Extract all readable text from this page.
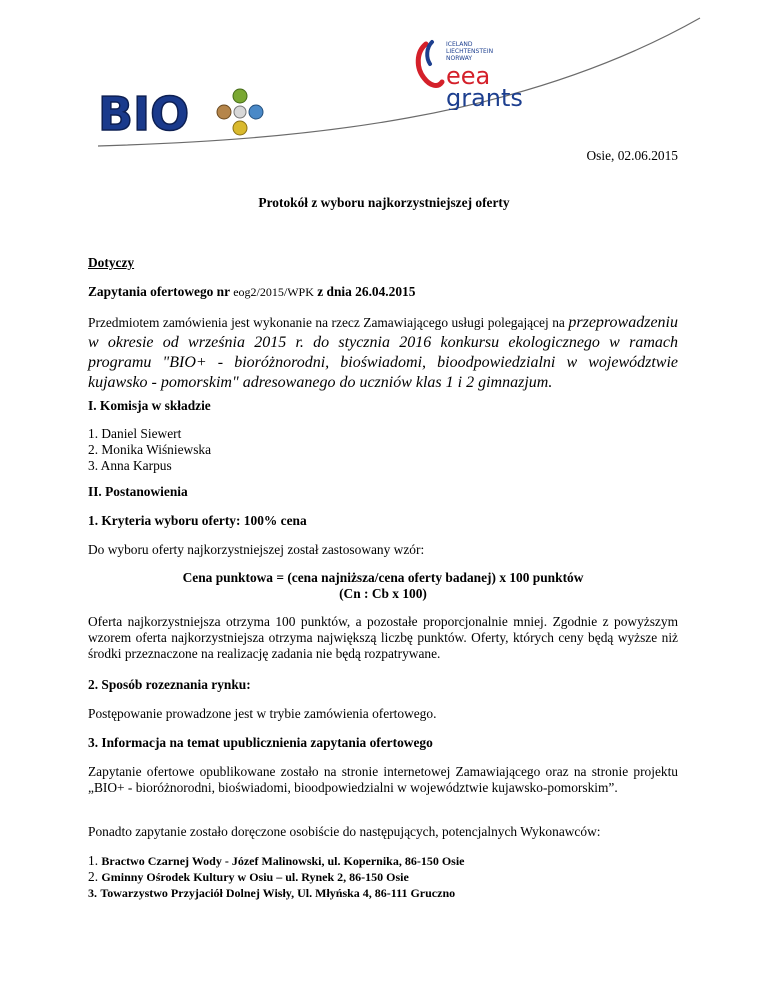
BIO
ICELAND
LIECHTENSTEIN
NORWAY
eea
grants
Osie, 02.06.2015
Protokół z wyboru najkorzystniejszej oferty
Dotyczy
Zapytania ofertowego nr eog2/2015/WPK z dnia 26.04.2015
Przedmiotem zamówienia jest wykonanie na rzecz Zamawiającego usługi polegającej na przeprowadzeniu w okresie od września 2015 r. do stycznia 2016 konkursu ekologicznego w ramach programu "BIO+ - bioróżnorodni, bioświadomi, bioodpowiedzialni w województwie kujawsko - pomorskim" adresowanego do uczniów klas 1 i 2 gimnazjum.
I. Komisja w składzie
1. Daniel Siewert
2. Monika Wiśniewska
3. Anna Karpus
II. Postanowienia
1. Kryteria wyboru oferty: 100% cena
Do wyboru oferty najkorzystniejszej został zastosowany wzór:
Cena punktowa = (cena najniższa/cena oferty badanej) x 100 punktów
(Cn : Cb x 100)
Oferta najkorzystniejsza otrzyma 100 punktów, a pozostałe proporcjonalnie mniej. Zgodnie z powyższym wzorem oferta najkorzystniejsza otrzyma największą liczbę punktów. Oferty, których ceny będą wyższe niż środki przeznaczone na realizację zadania nie będą rozpatrywane.
2. Sposób rozeznania rynku:
Postępowanie prowadzone jest w trybie zamówienia ofertowego.
3. Informacja na temat upublicznienia zapytania ofertowego
Zapytanie ofertowe opublikowane zostało na stronie internetowej Zamawiającego oraz na stronie projektu „BIO+ - bioróżnorodni, bioświadomi, bioodpowiedzialni w województwie kujawsko-pomorskim”.
Ponadto zapytanie zostało doręczone osobiście do następujących, potencjalnych Wykonawców:
1. Bractwo Czarnej Wody - Józef Malinowski, ul. Kopernika, 86-150 Osie
2. Gminny Ośrodek Kultury w Osiu – ul. Rynek 2, 86-150 Osie
3. Towarzystwo Przyjaciół Dolnej Wisły, Ul. Młyńska 4, 86-111 Gruczno
